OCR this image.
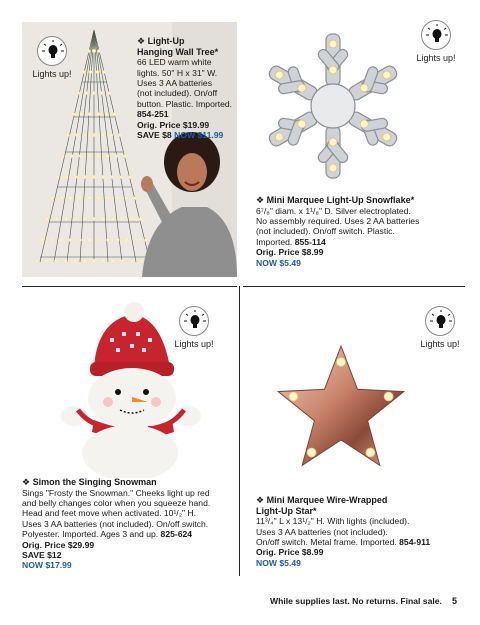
Lights up!
❖ Light-Up
Hanging Wall Tree*
66 LED warm white
lights. 50" H x 31" W.
Uses 3 AA batteries
(not included). On/off
button. Plastic. Imported.
854-251
Orig. Price $19.99
SAVE $8 NOW $11.99
Lights up!
❖ Mini Marquee Light-Up Snowflake*
6⁷/₈" diam. x 1¹/₈" D. Silver electroplated.
No assembly required. Uses 2 AA batteries
(not included). On/off switch. Plastic.
Imported. 855-114
Orig. Price $8.99
NOW $5.49
Lights up!
❖ Simon the Singing Snowman
Sings "Frosty the Snowman." Cheeks light up red
and belly changes color when you squeeze hand.
Head and feet move when activated. 10¹/₂" H.
Uses 3 AA batteries (not included). On/off switch.
Polyester. Imported. Ages 3 and up. 825-624
Orig. Price $29.99
SAVE $12
NOW $17.99
Lights up!
❖ Mini Marquee Wire-Wrapped
Light-Up Star*
11³/₄" L x 13¹/₂" H. With lights (included).
Uses 3 AA batteries (not included).
On/off switch. Metal frame. Imported. 854-911
Orig. Price $8.99
NOW $5.49
While supplies last. No returns. Final sale. 5
